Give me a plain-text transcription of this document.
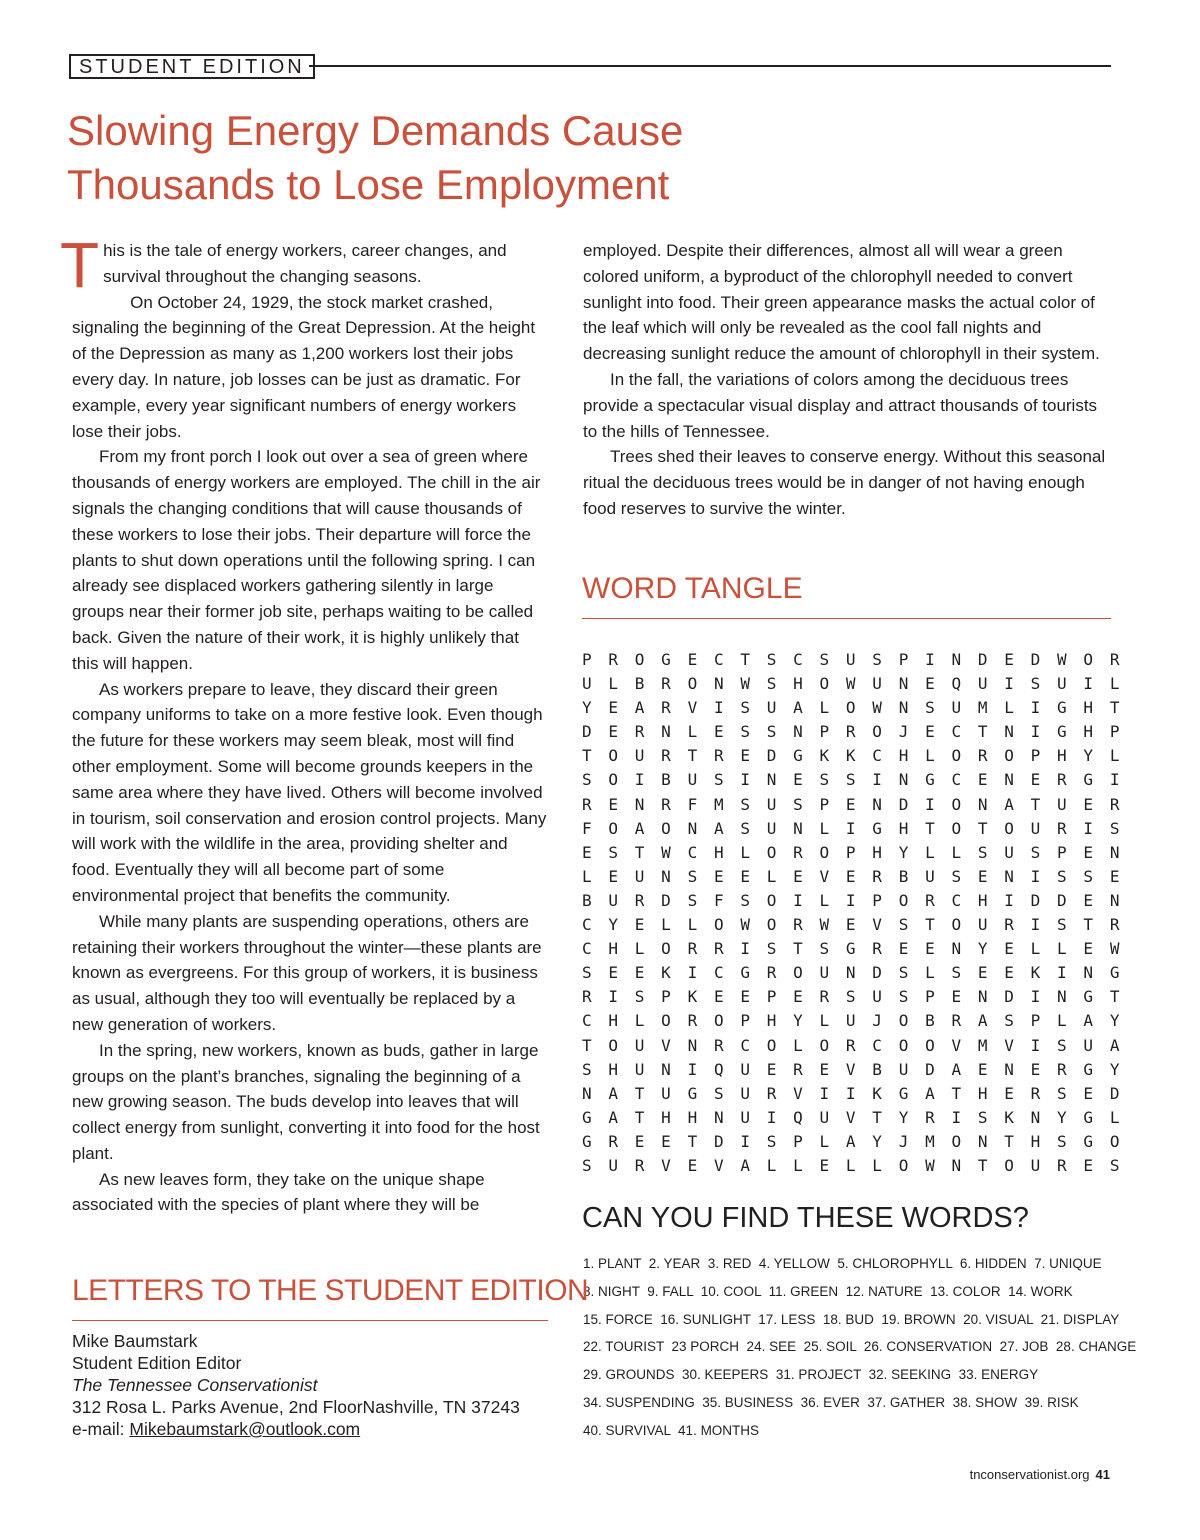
STUDENT EDITION
Slowing Energy Demands Cause
Thousands to Lose Employment

This is the tale of energy workers, career changes, and survival throughout the changing seasons.

On October 24, 1929, the stock market crashed, signaling the beginning of the Great Depression. At the height of the Depression as many as 1,200 workers lost their jobs every day. In nature, job losses can be just as dramatic. For example, every year significant numbers of energy workers lose their jobs.

From my front porch I look out over a sea of green where thousands of energy workers are employed. The chill in the air signals the changing conditions that will cause thousands of these workers to lose their jobs. Their departure will force the plants to shut down operations until the following spring. I can already see displaced workers gathering silently in large groups near their former job site, perhaps waiting to be called back. Given the nature of their work, it is highly unlikely that this will happen.

As workers prepare to leave, they discard their green company uniforms to take on a more festive look. Even though the future for these workers may seem bleak, most will find other employment. Some will become grounds keepers in the same area where they have lived. Others will become involved in tourism, soil conservation and erosion control projects. Many will work with the wildlife in the area, providing shelter and food. Eventually they will all become part of some environmental project that benefits the community.

While many plants are suspending operations, others are retaining their workers throughout the winter—these plants are known as evergreens. For this group of workers, it is business as usual, although they too will eventually be replaced by a new generation of workers.

In the spring, new workers, known as buds, gather in large groups on the plant’s branches, signaling the beginning of a new growing season. The buds develop into leaves that will collect energy from sunlight, converting it into food for the host plant.

As new leaves form, they take on the unique shape associated with the species of plant where they will be

employed. Despite their differences, almost all will wear a green colored uniform, a byproduct of the chlorophyll needed to convert sunlight into food. Their green appearance masks the actual color of the leaf which will only be revealed as the cool fall nights and decreasing sunlight reduce the amount of chlorophyll in their system.

In the fall, the variations of colors among the deciduous trees provide a spectacular visual display and attract thousands of tourists to the hills of Tennessee.

Trees shed their leaves to conserve energy. Without this seasonal ritual the deciduous trees would be in danger of not having enough food reserves to survive the winter.

WORD TANGLE
P R O G E C T S C S U S P I N D E D W O R
U L B R O N W S H O W U N E Q U I S U I L
Y E A R V I S U A L O W N S U M L I G H T
D E R N L E S S N P R O J E C T N I G H P
T O U R T R E D G K K C H L O R O P H Y L
S O I B U S I N E S S I N G C E N E R G I
R E N R F M S U S P E N D I O N A T U E R
F O A O N A S U N L I G H T O T O U R I S
E S T W C H L O R O P H Y L L S U S P E N
L E U N S E E L E V E R B U S E N I S S E
B U R D S F S O I L I P O R C H I D D E N
C Y E L L O W O R W E V S T O U R I S T R
C H L O R R I S T S G R E E N Y E L L E W
S E E K I C G R O U N D S L S E E K I N G
R I S P K E E P E R S U S P E N D I N G T
C H L O R O P H Y L U J O B R A S P L A Y
T O U V N R C O L O R C O O V M V I S U A
S H U N I Q U E R E V B U D A E N E R G Y
N A T U G S U R V I I K G A T H E R S E D
G A T H H N U I Q U V T Y R I S K N Y G L
G R E E T D I S P L A Y J M O N T H S G O
S U R V E V A L L E L L O W N T O U R E S
CAN YOU FIND THESE WORDS?
1. PLANT  2. YEAR  3. RED  4. YELLOW  5. CHLOROPHYLL  6. HIDDEN  7. UNIQUE
8. NIGHT  9. FALL  10. COOL  11. GREEN  12. NATURE  13. COLOR  14. WORK
15. FORCE  16. SUNLIGHT  17. LESS  18. BUD  19. BROWN  20. VISUAL  21. DISPLAY
22. TOURIST  23 PORCH  24. SEE  25. SOIL  26. CONSERVATION  27. JOB  28. CHANGE
29. GROUNDS  30. KEEPERS  31. PROJECT  32. SEEKING  33. ENERGY
34. SUSPENDING  35. BUSINESS  36. EVER  37. GATHER  38. SHOW  39. RISK
40. SURVIVAL  41. MONTHS
LETTERS TO THE STUDENT EDITION
Mike Baumstark
Student Edition Editor
The Tennessee Conservationist
312 Rosa L. Parks Avenue, 2nd FloorNashville, TN 37243
e-mail: Mikebaumstark@outlook.com
tnconservationist.org 41
